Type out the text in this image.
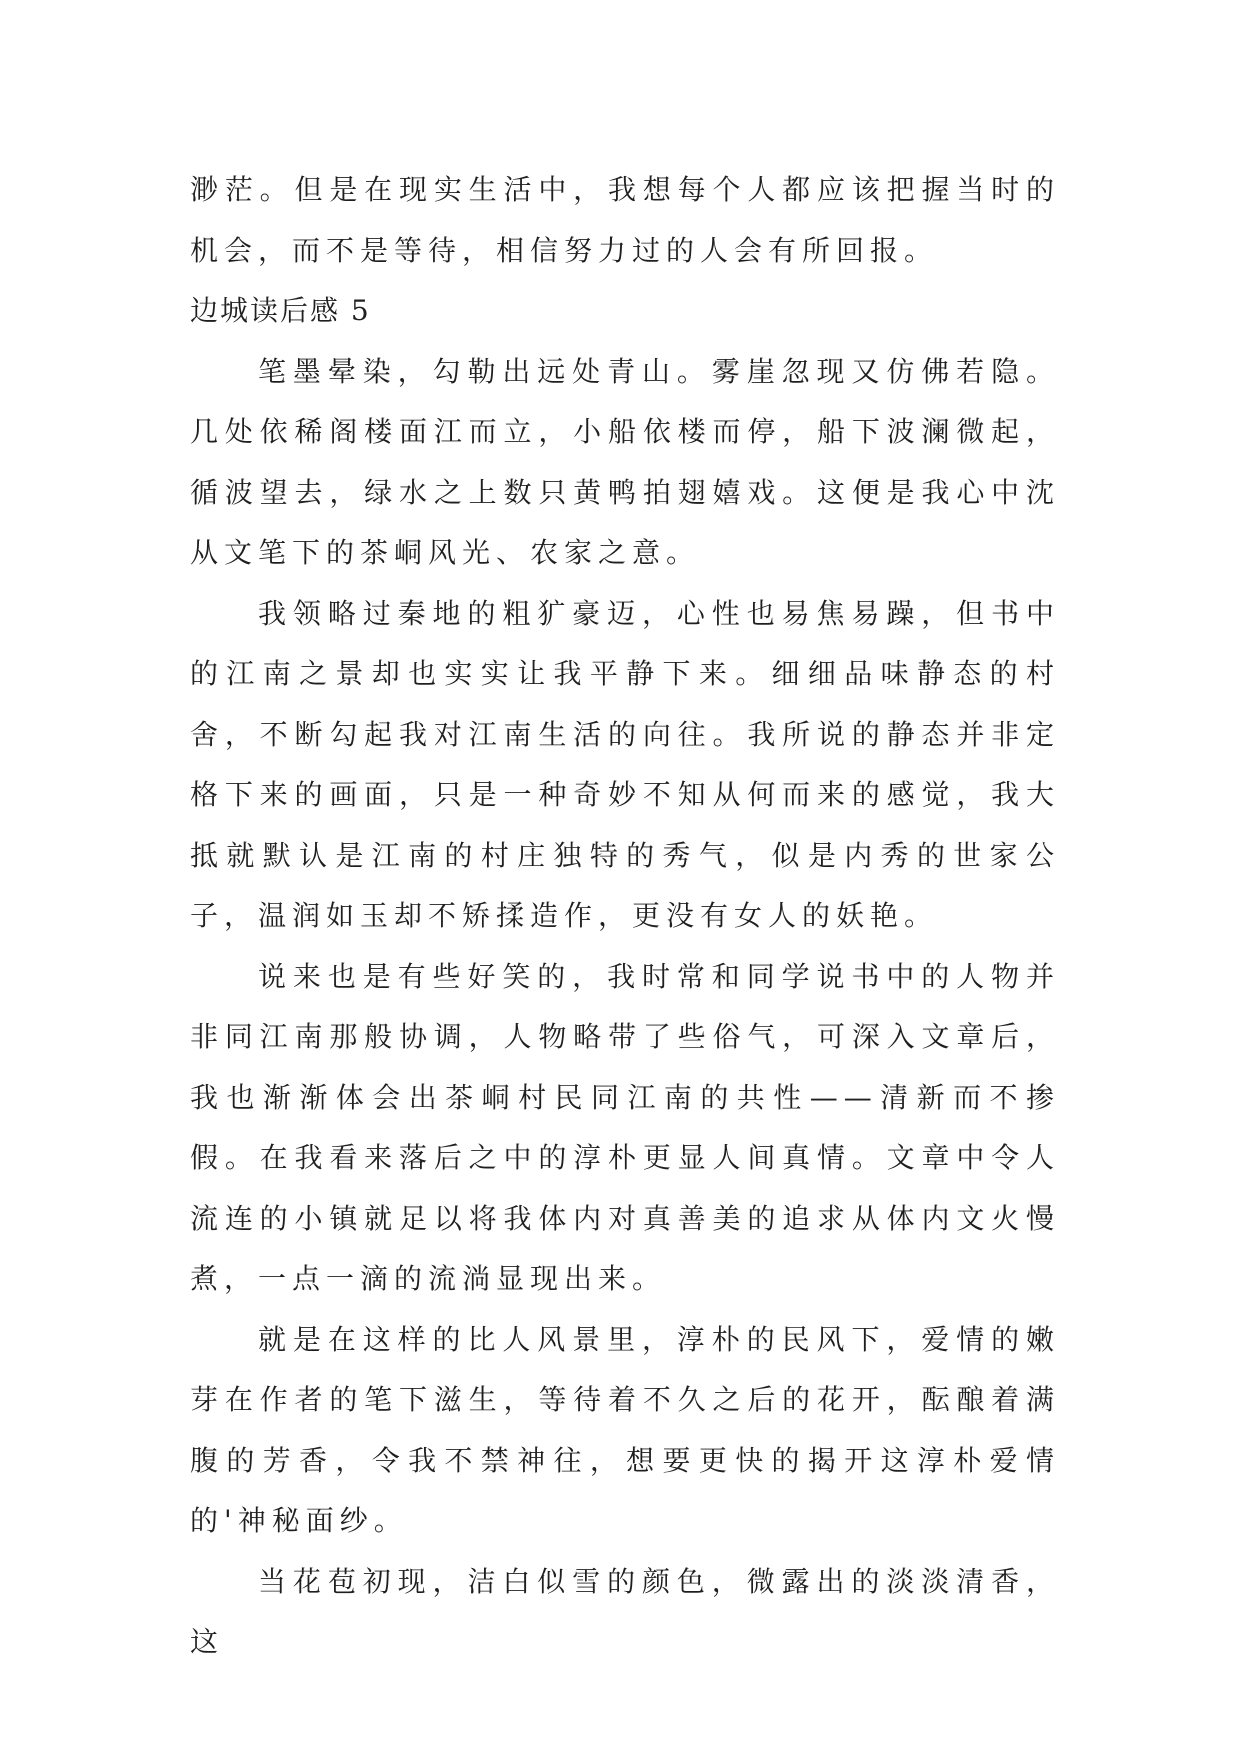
渺茫。但是在现实生活中，我想每个人都应该把握当时的机会，而不是等待，相信努力过的人会有所回报。

边城读后感 5

笔墨晕染，勾勒出远处青山。雾崖忽现又仿佛若隐。几处依稀阁楼面江而立，小船依楼而停，船下波澜微起，循波望去，绿水之上数只黄鸭拍翅嬉戏。这便是我心中沈从文笔下的茶峒风光、农家之意。

我领略过秦地的粗犷豪迈，心性也易焦易躁，但书中的江南之景却也实实让我平静下来。细细品味静态的村舍，不断勾起我对江南生活的向往。我所说的静态并非定格下来的画面，只是一种奇妙不知从何而来的感觉，我大抵就默认是江南的村庄独特的秀气，似是内秀的世家公子，温润如玉却不矫揉造作，更没有女人的妖艳。

说来也是有些好笑的，我时常和同学说书中的人物并非同江南那般协调，人物略带了些俗气，可深入文章后，我也渐渐体会出茶峒村民同江南的共性——清新而不掺假。在我看来落后之中的淳朴更显人间真情。文章中令人流连的小镇就足以将我体内对真善美的追求从体内文火慢煮，一点一滴的流淌显现出来。

就是在这样的比人风景里，淳朴的民风下，爱情的嫩芽在作者的笔下滋生，等待着不久之后的花开，酝酿着满腹的芳香，令我不禁神往，想要更快的揭开这淳朴爱情的'神秘面纱。

当花苞初现，洁白似雪的颜色，微露出的淡淡清香，这
